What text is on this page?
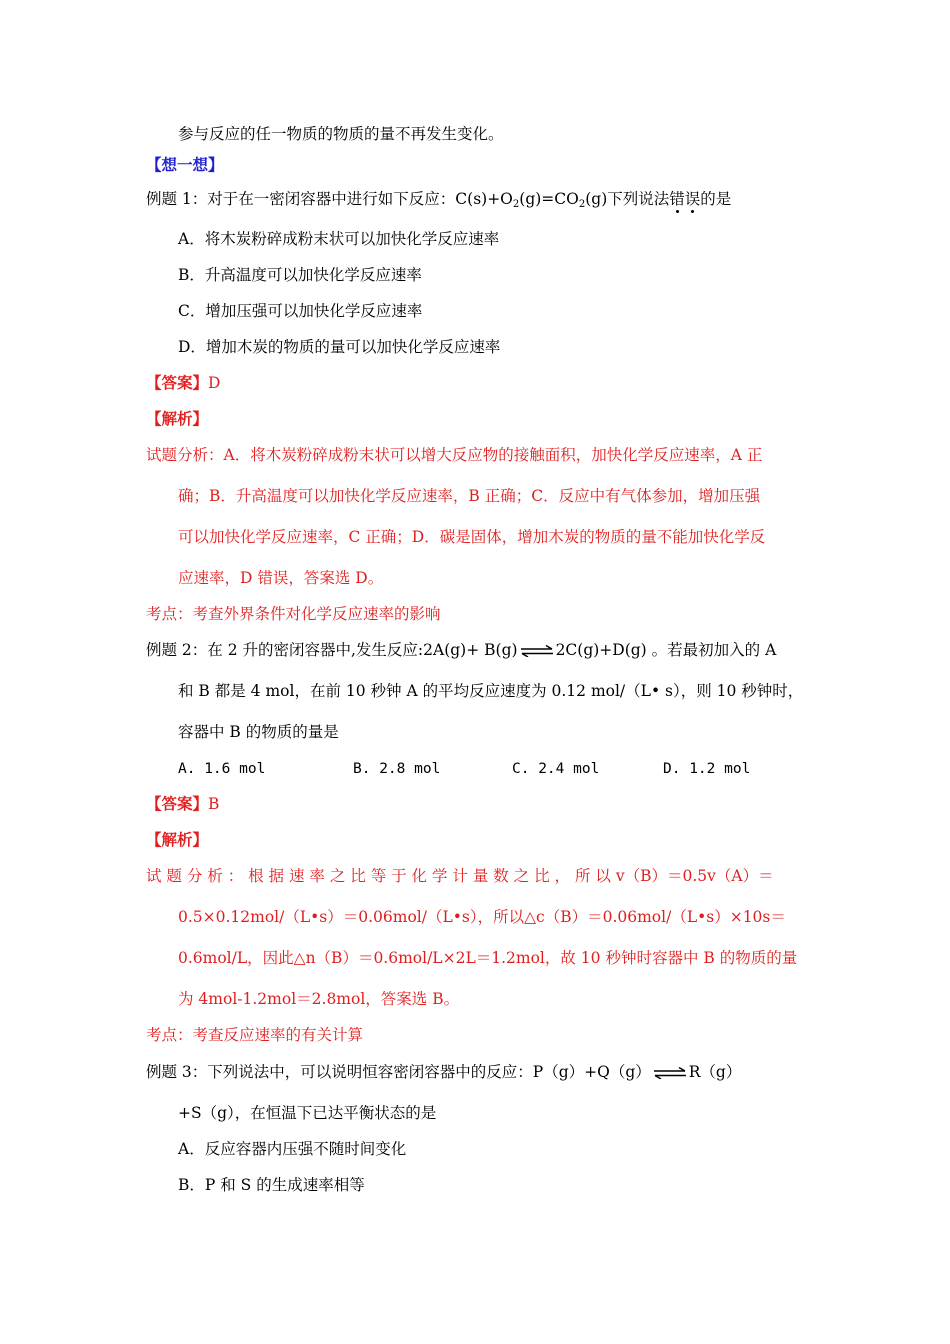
参与反应的任一物质的物质的量不再发生变化。
【想一想】
例题 1：对于在一密闭容器中进行如下反应：$C(s)+O_2(g)=CO_2(g)$下列说法错误的是
A．将木炭粉碎成粉末状可以加快化学反应速率
B．升高温度可以加快化学反应速率
C．增加压强可以加快化学反应速率
D．增加木炭的物质的量可以加快化学反应速率
【答案】D
【解析】
试题分析：A．将木炭粉碎成粉末状可以增大反应物的接触面积，加快化学反应速率，A 正
确；B．升高温度可以加快化学反应速率，B 正确；C．反应中有气体参加，增加压强
可以加快化学反应速率，C 正确；D．碳是固体，增加木炭的物质的量不能加快化学反
应速率，D 错误，答案选 D。
考点：考查外界条件对化学反应速率的影响
例题 2：在 2 升的密闭容器中,发生反应:2A(g)+ B(g) ⇌ 2C(g)+D(g) 。若最初加入的 A
和 B 都是 4 mol，在前 10 秒钟 A 的平均反应速度为 0.12 mol/（L• s），则 10 秒钟时，
容器中 B 的物质的量是
A. 1.6 mol	B. 2.8 mol	C. 2.4 mol	D. 1.2 mol
【答案】B
【解析】
试 题 分 析 ： 根 据 速 率 之 比 等 于 化 学 计 量 数 之 比 ， 所 以 v（B）＝0.5v（A）＝
0.5×0.12mol/（L•s）＝0.06mol/（L•s），所以△c（B）＝0.06mol/（L•s）×10s＝
0.6mol/L，因此△n（B）＝0.6mol/L×2L＝1.2mol，故 10 秒钟时容器中 B 的物质的量
为 4mol-1.2mol＝2.8mol，答案选 B。
考点：考查反应速率的有关计算
例题 3：下列说法中，可以说明恒容密闭容器中的反应：P（g）+Q（g） ⇌ R（g）
+S（g），在恒温下已达平衡状态的是
A．反应容器内压强不随时间变化
B．P 和 S 的生成速率相等
